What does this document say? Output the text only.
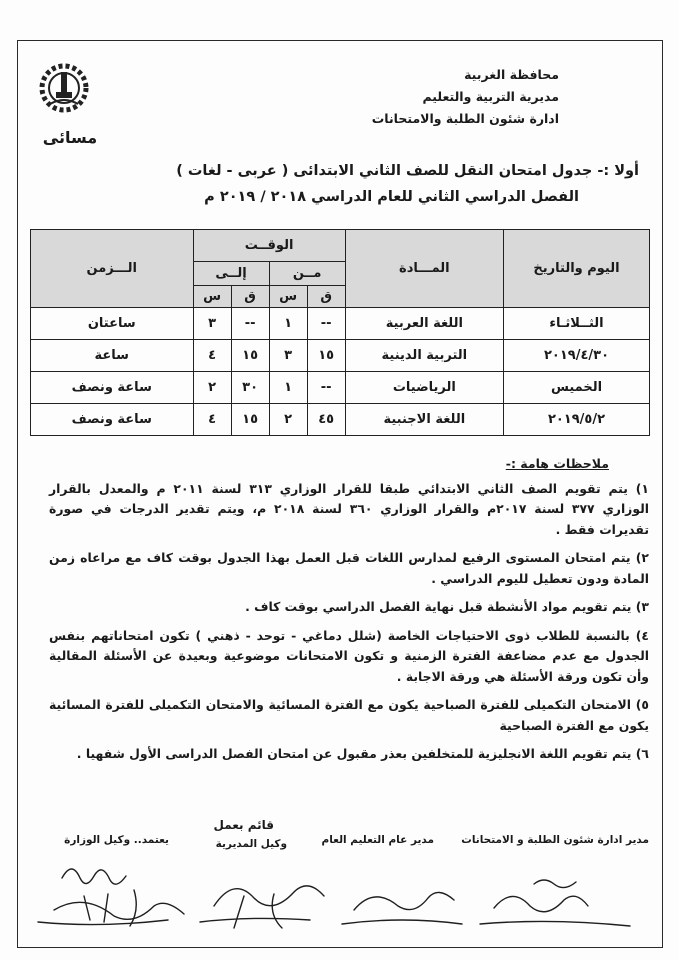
مسائى
محافظة الغربية
مديرية التربية والتعليم
ادارة شئون الطلبة والامتحانات
أولا :- جدول امتحان النقل للصف الثاني الابتدائى ( عربى - لغات )
الفصل الدراسي الثاني للعام الدراسي ٢٠١٨ / ٢٠١٩ م
اليوم والتاريخ	المـــادة	الوقــت				الـــزمن
		مــن		إلــى		
		ق	س	ق	س	
الثــلاثـاء	اللغة العربية	--	١	--	٣	ساعتان
٢٠١٩/٤/٣٠	التربية الدينية	١٥	٣	١٥	٤	ساعة
الخميس	الرياضيات	--	١	٣٠	٢	ساعة ونصف
٢٠١٩/٥/٢	اللغة الاجنبية	٤٥	٢	١٥	٤	ساعة ونصف
ملاحظات هامة :-

١) يتم تقويم الصف الثاني الابتدائي طبقا للقرار الوزاري ٣١٣ لسنة ٢٠١١ م والمعدل بالقرار الوزاري ٣٧٧ لسنة ٢٠١٧م والقرار الوزاري ٣٦٠ لسنة ٢٠١٨ م، ويتم تقدير الدرجات في صورة تقديرات فقط .

٢) يتم امتحان المستوى الرفيع لمدارس اللغات قبل العمل بهذا الجدول بوقت كاف مع مراعاه زمن المادة ودون تعطيل لليوم الدراسي .

٣) يتم تقويم مواد الأنشطة قبل نهاية الفصل الدراسي بوقت كاف .

٤) بالنسبة للطلاب ذوى الاحتياجات الخاصة (شلل دماغي - توحد - ذهني ) تكون امتحاناتهم بنفس الجدول مع عدم مضاعفة الفترة الزمنية و تكون الامتحانات موضوعية وبعيدة عن الأسئلة المقالية وأن تكون ورقة الأسئلة هي ورقة الاجابة .

٥) الامتحان التكميلى للفترة الصباحية يكون مع الفترة المسائية والامتحان التكميلى للفترة المسائية يكون مع الفترة الصباحية

٦) يتم تقويم اللغة الانجليزية للمتخلفين بعذر مقبول عن امتحان الفصل الدراسى الأول شفهيا .

مدير ادارة شئون الطلبة و الامتحانات
مدير عام التعليم العام
قائم بعمل
وكيل المديرية
يعتمد.. وكيل الوزارة
